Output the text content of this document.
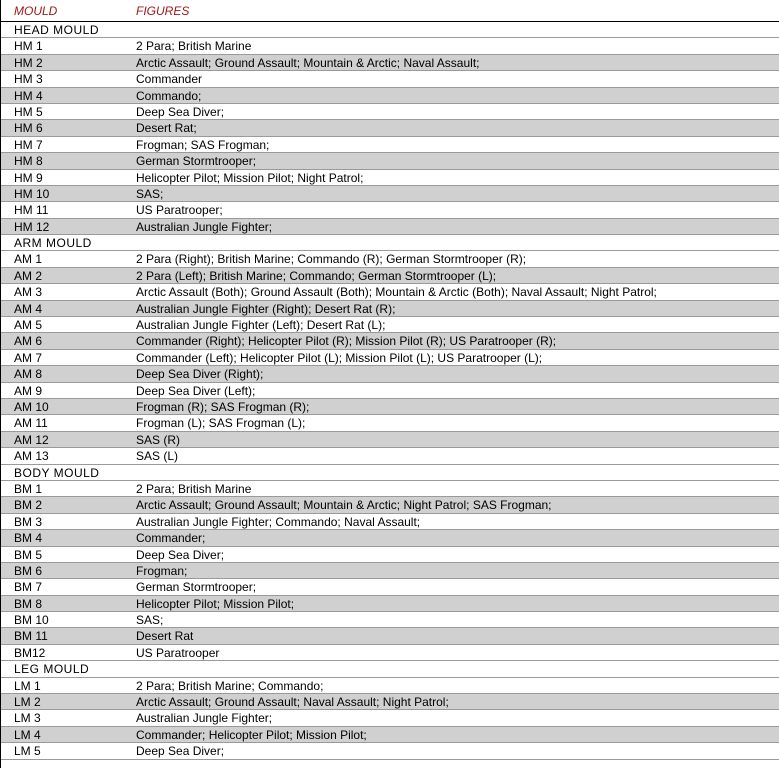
MOULD	FIGURES
HEAD MOULD
HM 1	2 Para; British Marine
HM 2	Arctic Assault; Ground Assault; Mountain & Arctic; Naval Assault;
HM 3	Commander
HM 4	Commando;
HM 5	Deep Sea Diver;
HM 6	Desert Rat;
HM 7	Frogman; SAS Frogman;
HM 8	German Stormtrooper;
HM 9	Helicopter Pilot; Mission Pilot; Night Patrol;
HM 10	SAS;
HM 11	US Paratrooper;
HM 12	Australian Jungle Fighter;
ARM MOULD
AM 1	2 Para (Right); British Marine; Commando (R); German Stormtrooper (R);
AM 2	2 Para (Left); British Marine; Commando; German Stormtrooper (L);
AM 3	Arctic Assault (Both); Ground Assault (Both); Mountain & Arctic (Both); Naval Assault; Night Patrol;
AM 4	Australian Jungle Fighter (Right); Desert Rat (R);
AM 5	Australian Jungle Fighter (Left); Desert Rat (L);
AM 6	Commander (Right); Helicopter Pilot (R); Mission Pilot (R); US Paratrooper (R);
AM 7	Commander (Left); Helicopter Pilot (L); Mission Pilot (L); US Paratrooper (L);
AM 8	Deep Sea Diver (Right);
AM 9	Deep Sea Diver (Left);
AM 10	Frogman (R); SAS Frogman (R);
AM 11	Frogman (L); SAS Frogman (L);
AM 12	SAS (R)
AM 13	SAS (L)
BODY MOULD
BM 1	2 Para; British Marine
BM 2	Arctic Assault; Ground Assault; Mountain & Arctic; Night Patrol; SAS Frogman;
BM 3	Australian Jungle Fighter; Commando; Naval Assault;
BM 4	Commander;
BM 5	Deep Sea Diver;
BM 6	Frogman;
BM 7	German Stormtrooper;
BM 8	Helicopter Pilot; Mission Pilot;
BM 10	SAS;
BM 11	Desert Rat
BM12	US Paratrooper
LEG MOULD
LM 1	2 Para; British Marine; Commando;
LM 2	Arctic Assault; Ground Assault; Naval Assault; Night Patrol;
LM 3	Australian Jungle Fighter;
LM 4	Commander; Helicopter Pilot; Mission Pilot;
LM 5	Deep Sea Diver;
